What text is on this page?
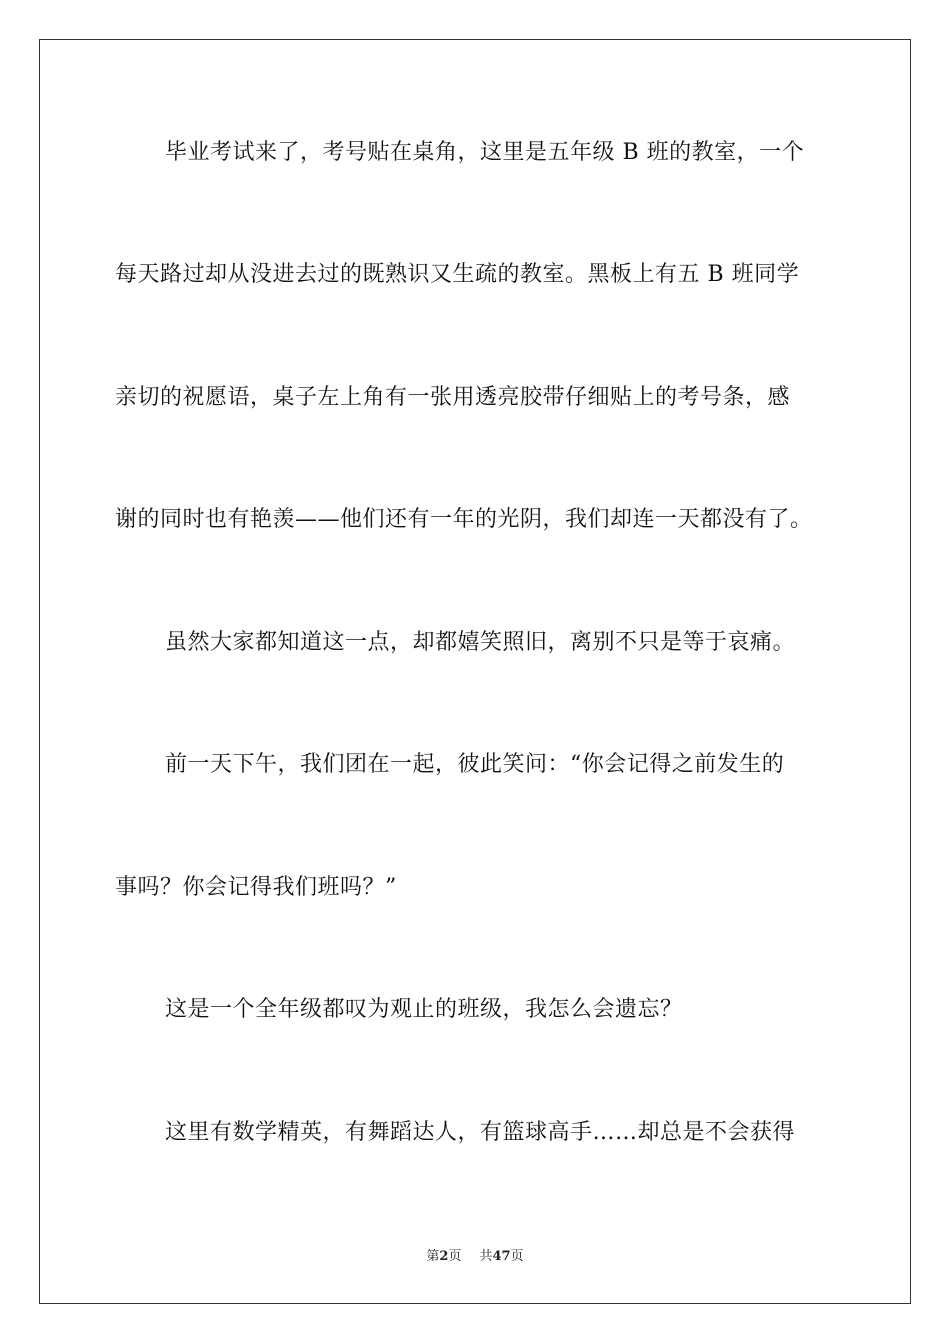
毕业考试来了，考号贴在桌角，这里是五年级 B 班的教室，一个
每天路过却从没进去过的既熟识又生疏的教室。黑板上有五 B 班同学
亲切的祝愿语，桌子左上角有一张用透亮胶带仔细贴上的考号条，感
谢的同时也有艳羡——他们还有一年的光阴，我们却连一天都没有了。
虽然大家都知道这一点，却都嬉笑照旧，离别不只是等于哀痛。
前一天下午，我们团在一起，彼此笑问：“你会记得之前发生的
事吗？你会记得我们班吗？”
这是一个全年级都叹为观止的班级，我怎么会遗忘？
这里有数学精英，有舞蹈达人，有篮球高手……却总是不会获得
第2页 共47页
